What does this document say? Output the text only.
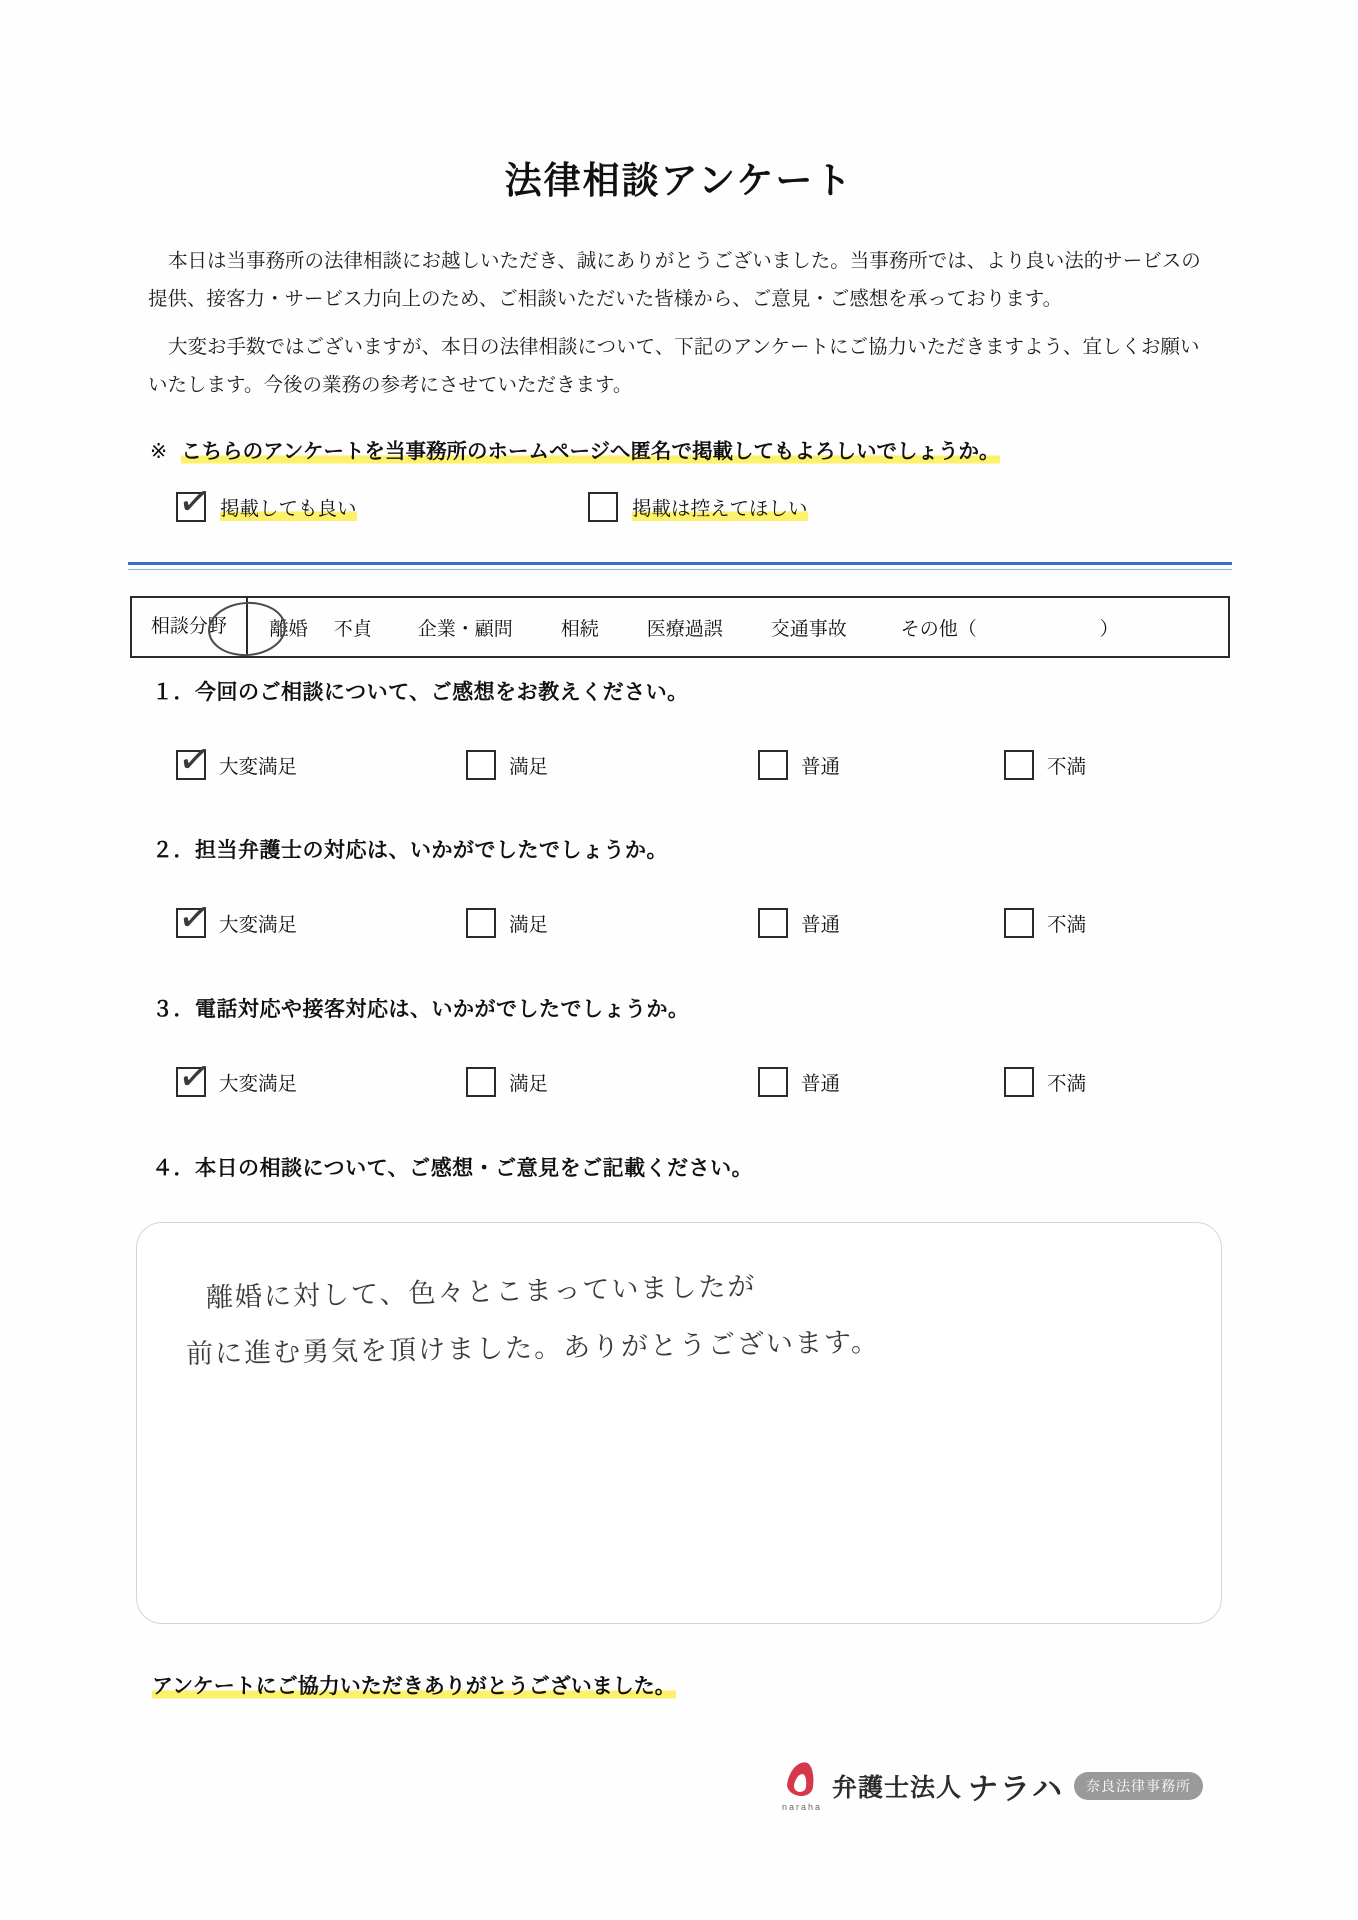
法律相談アンケート

本日は当事務所の法律相談にお越しいただき、誠にありがとうございました。当事務所では、より良い法的サービスの提供、接客力・サービス力向上のため、ご相談いただいた皆様から、ご意見・ご感想を承っております。

大変お手数ではございますが、本日の法律相談について、下記のアンケートにご協力いただきますよう、宜しくお願いいたします。今後の業務の参考にさせていただきます。

※ こちらのアンケートを当事務所のホームページへ匿名で掲載してもよろしいでしょうか。
掲載しても良い
✓	掲載は控えてほしい
相談分野	離婚 不貞 企業・顧問	相続	医療過誤	交通事故	その他（	）
１．今回のご相談について、ご感想をお教えください。
大変満足	満足	普通	不満
✓
２．担当弁護士の対応は、いかがでしたでしょうか。
大変満足	満足	普通	不満
✓
３．電話対応や接客対応は、いかがでしたでしょうか。
大変満足	満足	普通	不満
✓
４．本日の相談について、ご感想・ご意見をご記載ください。
離婚に対して、色々とこまっていましたが
前に進む勇気を頂けました。ありがとうございます。
アンケートにご協力いただきありがとうございました。
naraha
弁護士法人 ナラハ	奈良法律事務所
